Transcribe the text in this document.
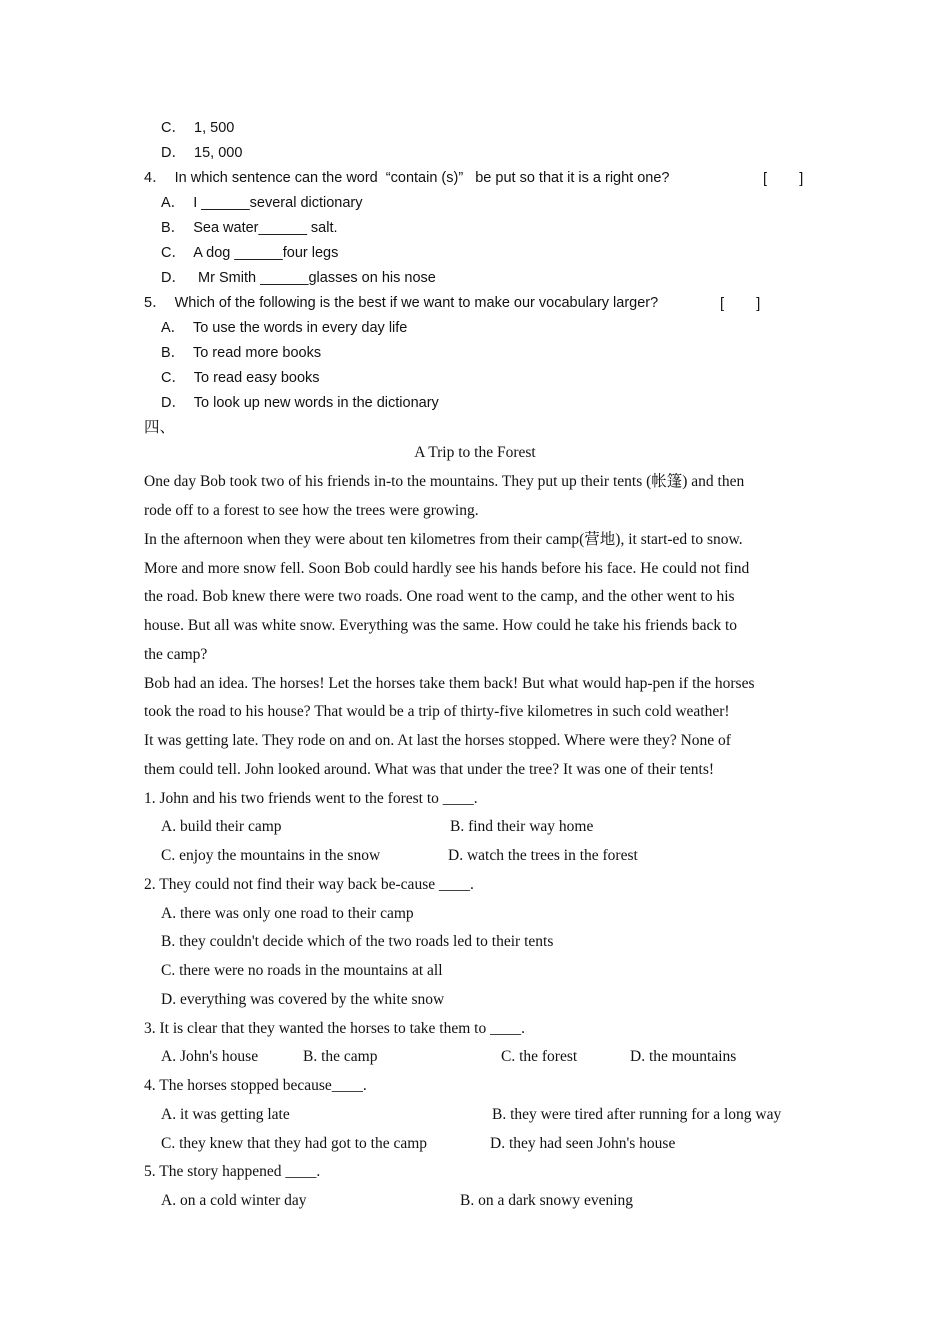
C．  1, 500
D．  15, 000
4．  In which sentence can the word  “contain (s)”   be put so that it is a right one?	[        ]
A．  I ______several dictionary
B．  Sea water______ salt.
C．  A dog ______four legs
D．   Mr Smith ______glasses on his nose
5．  Which of the following is the best if we want to make our vocabulary larger?	[        ]
A．  To use the words in every day life
B．  To read more books
C．  To read easy books
D．  To look up new words in the dictionary
四、
A Trip to the Forest
One day Bob took two of his friends in-to the mountains. They put up their tents (帐篷) and then
rode off to a forest to see how the trees were growing.
In the afternoon when they were about ten kilometres from their camp(营地), it start-ed to snow.
More and more snow fell. Soon Bob could hardly see his hands before his face. He could not find
the road. Bob knew there were two roads. One road went to the camp, and the other went to his
house. But all was white snow. Everything was the same. How could he take his friends back to
the camp?
Bob had an idea. The horses! Let the horses take them back! But what would hap-pen if the horses
took the road to his house? That would be a trip of thirty-five kilometres in such cold weather!
It was getting late. They rode on and on. At last the horses stopped. Where were they? None of
them could tell. John looked around. What was that under the tree? It was one of their tents!
1. John and his two friends went to the forest to ____.
A. build their camp	B. find their way home
C. enjoy the mountains in the snow	D. watch the trees in the forest
2. They could not find their way back be-cause ____.
A. there was only one road to their camp
B. they couldn't decide which of the two roads led to their tents
C. there were no roads in the mountains at all
D. everything was covered by the white snow
3. It is clear that they wanted the horses to take them to ____.
A. John's house	B. the camp	C. the forest	D. the mountains
4. The horses stopped because____.
A. it was getting late	B. they were tired after running for a long way
C. they knew that they had got to the camp	D. they had seen John's house
5. The story happened ____.
A. on a cold winter day	B. on a dark snowy evening
